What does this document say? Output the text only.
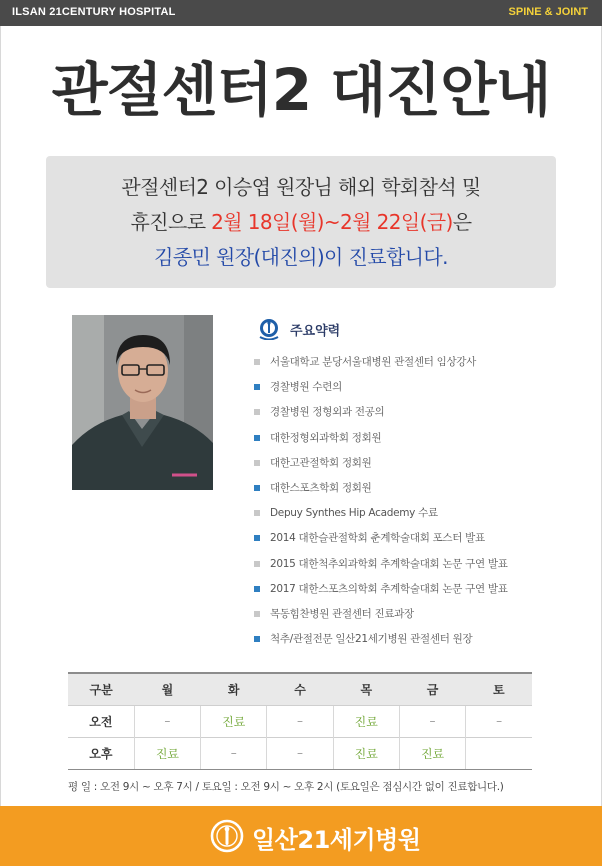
ILSAN 21CENTURY HOSPITAL	SPINE & JOINT
관절센터2 대진안내
관절센터2 이승엽 원장님 해외 학회참석 및
휴진으로 2월 18일(월)~2월 22일(금)은
김종민 원장(대진의)이 진료합니다.
주요약력
서울대학교 분당서울대병원 관절센터 임상강사
경찰병원 수련의
경찰병원 정형외과 전공의
대한정형외과학회 정회원
대한고관절학회 정회원
대한스포츠학회 정회원
Depuy Synthes Hip Academy 수료
2014 대한슬관절학회 춘계학술대회 포스터 발표
2015 대한척추외과학회 추계학술대회 논문 구연 발표
2017 대한스포츠의학회 추계학술대회 논문 구연 발표
목동힘찬병원 관절센터 진료과장
척추/관절전문 일산21세기병원 관절센터 원장
구분	월	화	수	목	금	토
오전	–	진료	–	진료	–	–
오후	진료	–	–	진료	진료	
평 일 : 오전 9시 ~ 오후 7시 / 토요일 : 오전 9시 ~ 오후 2시 (토요일은 점심시간 없이 진료합니다.)
일산21세기병원
